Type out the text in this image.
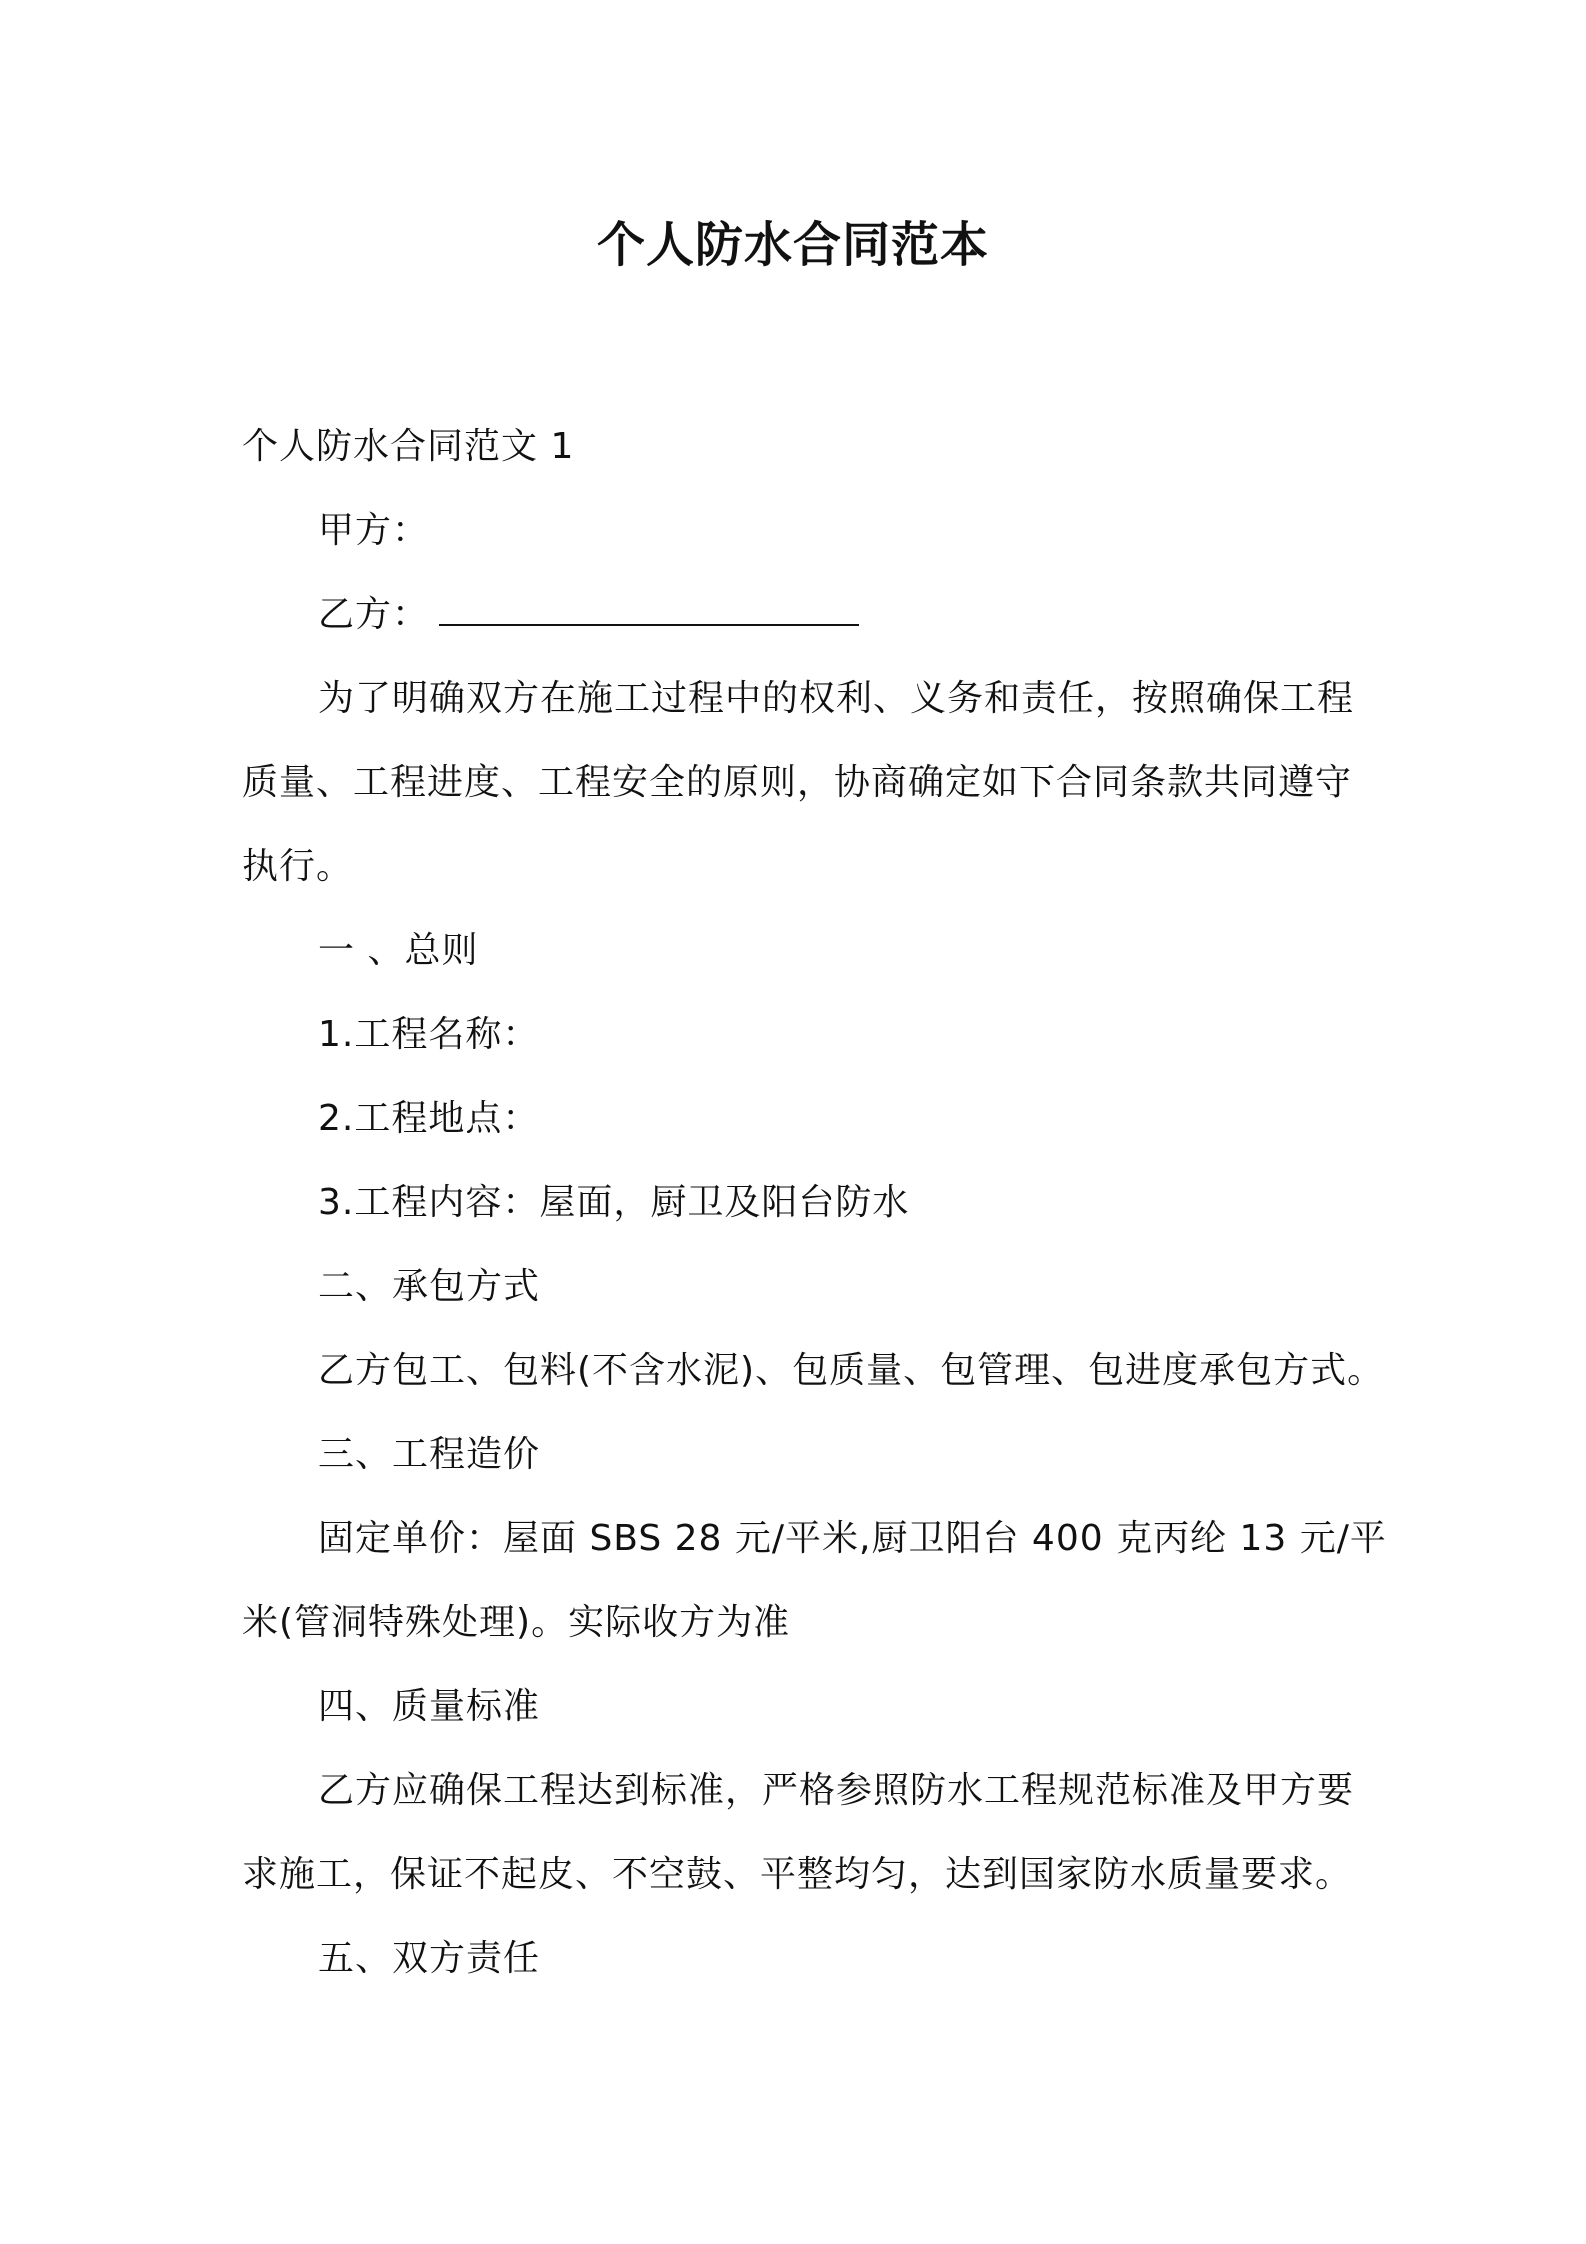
个人防水合同范本
个人防水合同范文 1
甲方：
乙方：
为了明确双方在施工过程中的权利、义务和责任，按照确保工程
质量、工程进度、工程安全的原则，协商确定如下合同条款共同遵守
执行。
一 、总则
1.工程名称：
2.工程地点：
3.工程内容：屋面，厨卫及阳台防水
二、承包方式
乙方包工、包料(不含水泥)、包质量、包管理、包进度承包方式。
三、工程造价
固定单价：屋面 SBS 28 元/平米,厨卫阳台 400 克丙纶 13 元/平
米(管洞特殊处理)。实际收方为准
四、质量标准
乙方应确保工程达到标准，严格参照防水工程规范标准及甲方要
求施工，保证不起皮、不空鼓、平整均匀，达到国家防水质量要求。
五、双方责任
